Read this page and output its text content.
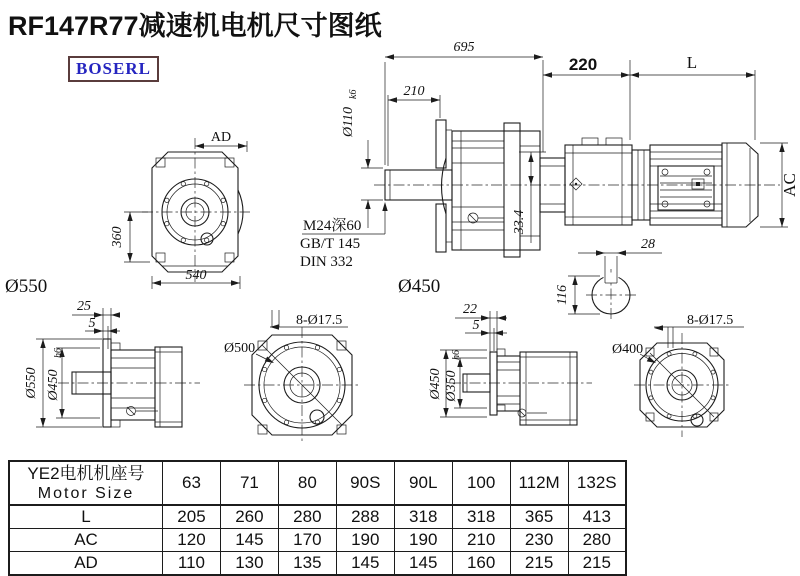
RF147R77减速机电机尺寸图纸
BOSERL
695
220	L
210
Ø110
k6
M24深60
GB/T 145
DIN 332
33.4
AC
28
116
AD
360
540
Ø550	Ø450
25
5
Ø550 Ø450
h6
8-Ø17.5
Ø500
22
5
Ø450 Ø350
h6
8-Ø17.5
Ø400
YE2电机机座号
Motor Size	63	71	80	90S	90L	100	112M	132S
L	205	260	280	288	318	318	365	413
AC	120	145	170	190	190	210	230	280
AD	110	130	135	145	145	160	215	215
